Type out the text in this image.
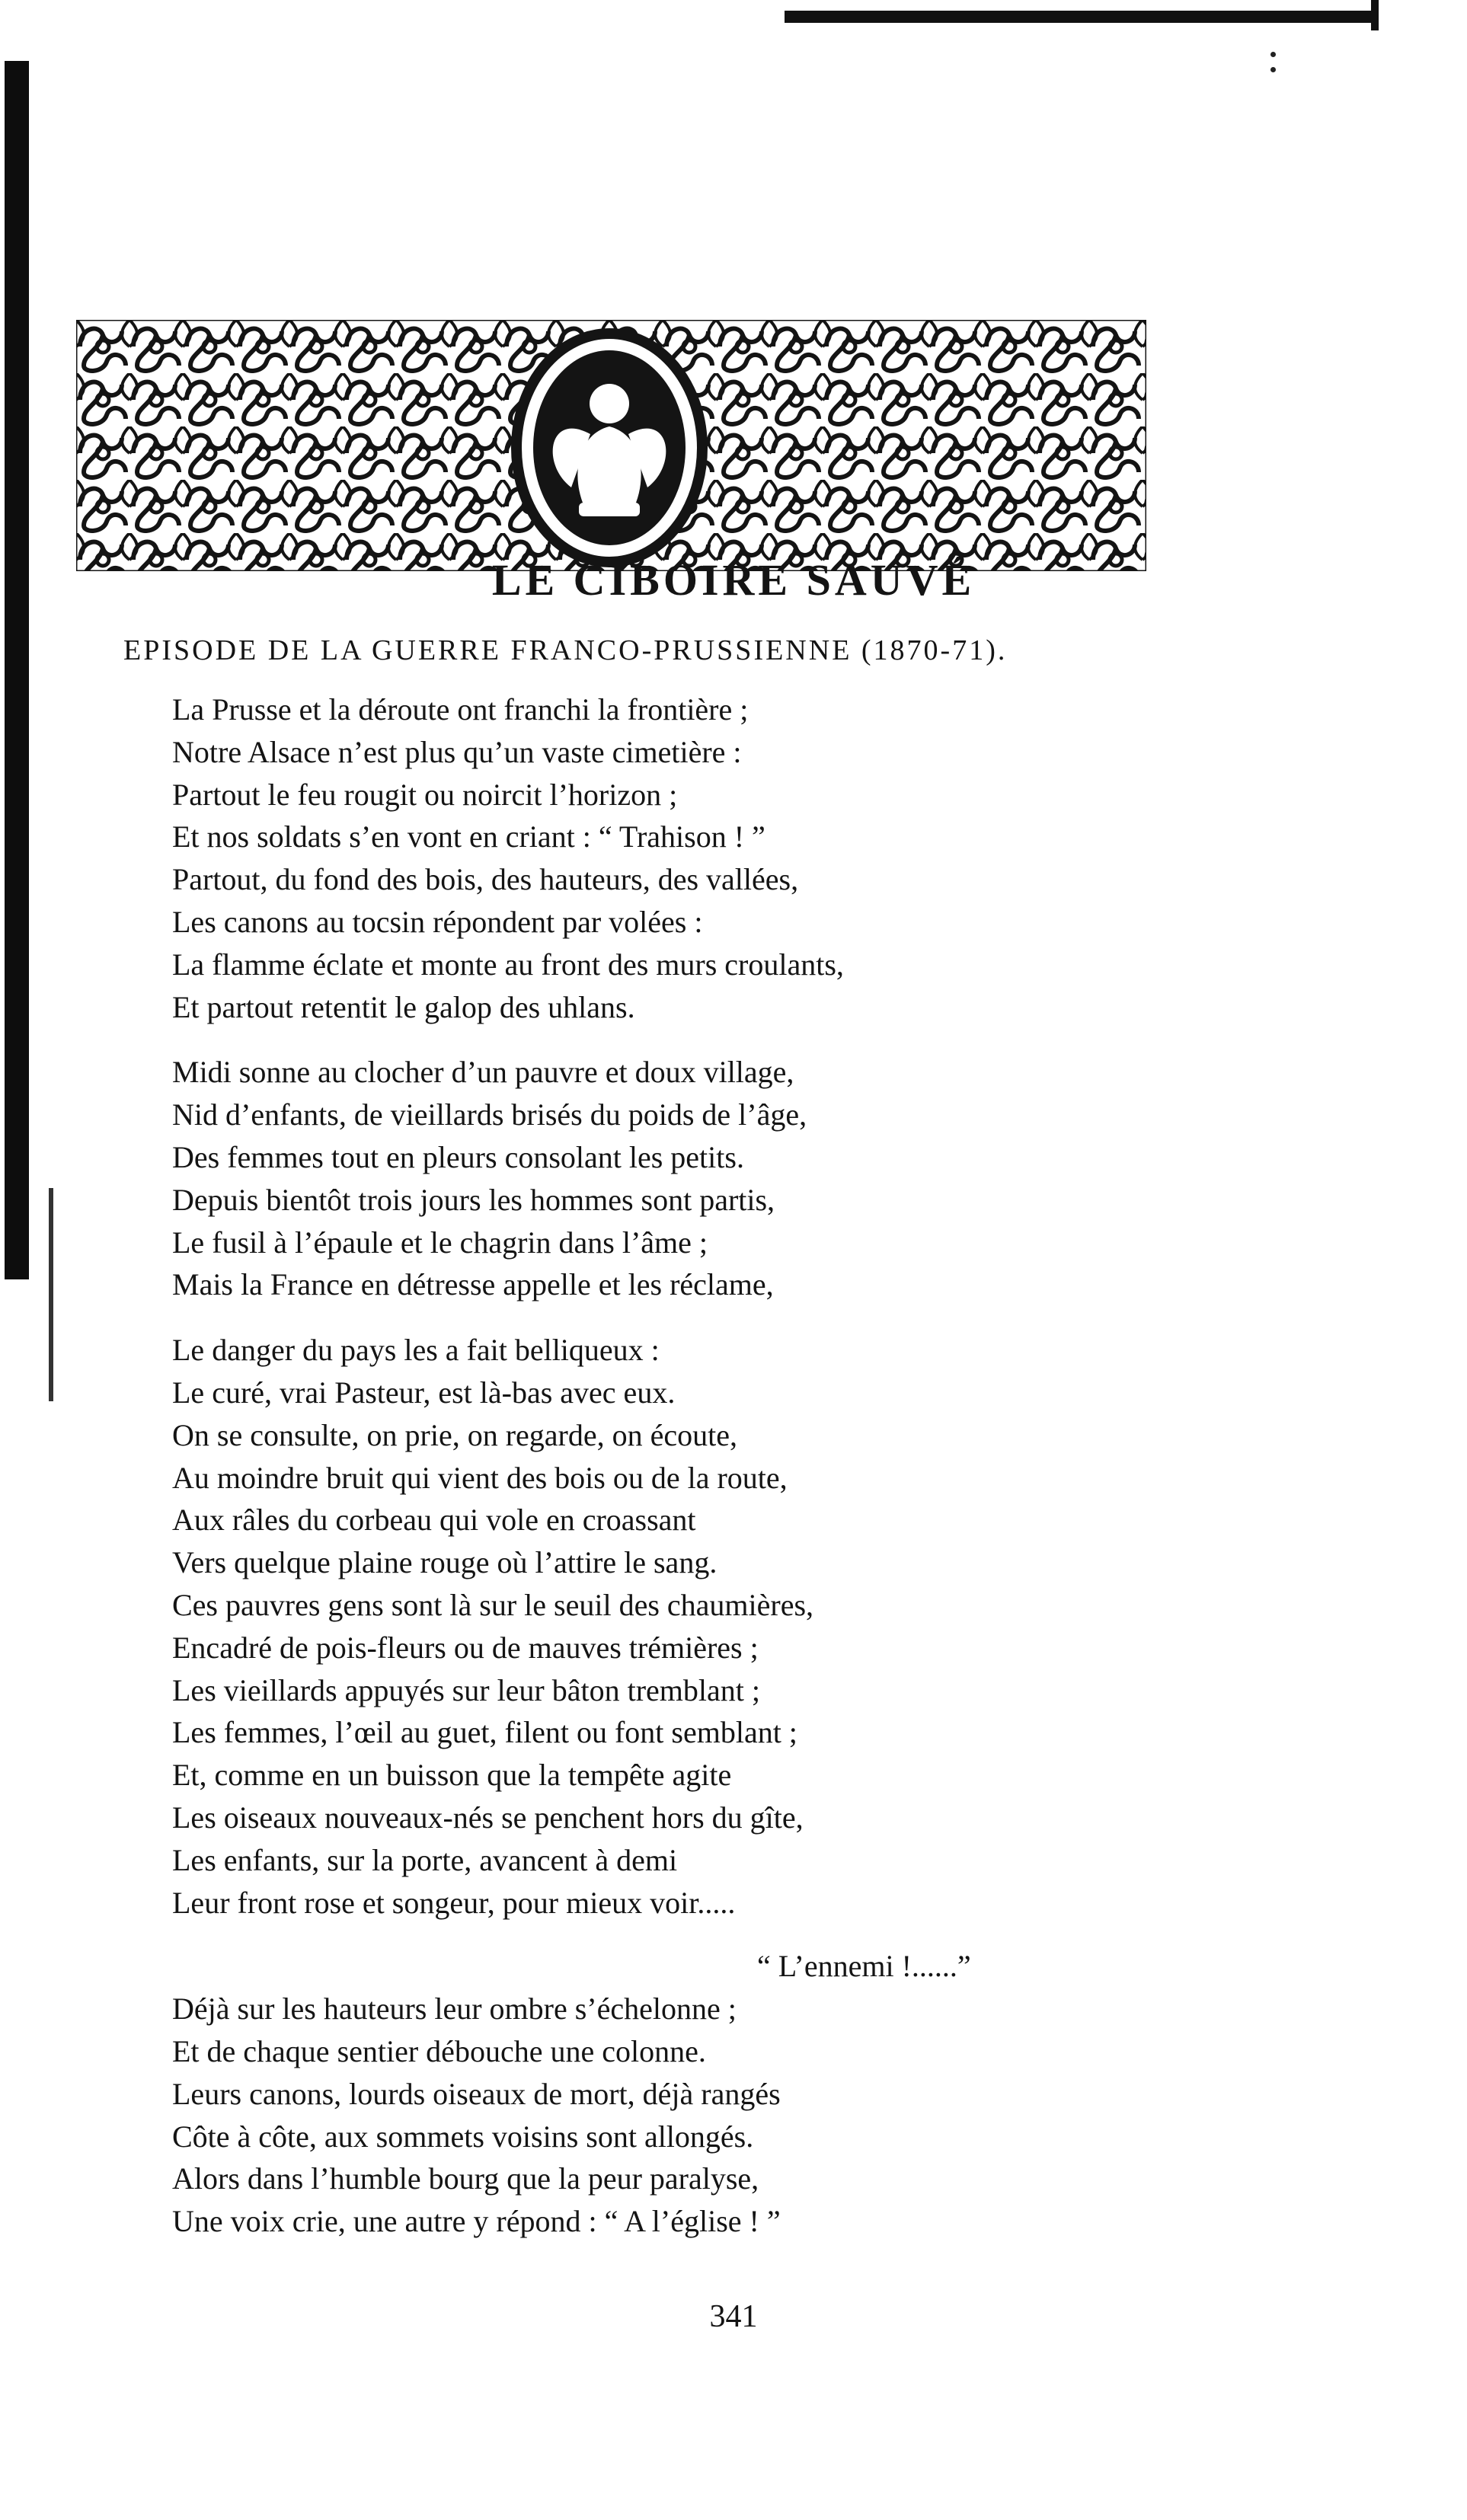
LE CIBOIRE SAUVÉ
EPISODE DE LA GUERRE FRANCO-PRUSSIENNE (1870-71).
La Prusse et la déroute ont franchi la frontière ;
Notre Alsace n’est plus qu’un vaste cimetière :
Partout le feu rougit ou noircit l’horizon ;
Et nos soldats s’en vont en criant : “ Trahison ! ”
Partout, du fond des bois, des hauteurs, des vallées,
Les canons au tocsin répondent par volées :
La flamme éclate et monte au front des murs croulants,
Et partout retentit le galop des uhlans.
Midi sonne au clocher d’un pauvre et doux village,
Nid d’enfants, de vieillards brisés du poids de l’âge,
Des femmes tout en pleurs consolant les petits.
Depuis bientôt trois jours les hommes sont partis,
Le fusil à l’épaule et le chagrin dans l’âme ;
Mais la France en détresse appelle et les réclame,
Le danger du pays les a fait belliqueux :
Le curé, vrai Pasteur, est là-bas avec eux.
On se consulte, on prie, on regarde, on écoute,
Au moindre bruit qui vient des bois ou de la route,
Aux râles du corbeau qui vole en croassant
Vers quelque plaine rouge où l’attire le sang.
Ces pauvres gens sont là sur le seuil des chaumières,
Encadré de pois-fleurs ou de mauves trémières ;
Les vieillards appuyés sur leur bâton tremblant ;
Les femmes, l’œil au guet, filent ou font semblant ;
Et, comme en un buisson que la tempête agite
Les oiseaux nouveaux-nés se penchent hors du gîte,
Les enfants, sur la porte, avancent à demi
Leur front rose et songeur, pour mieux voir.....
“ L’ennemi !......”
Déjà sur les hauteurs leur ombre s’échelonne ;
Et de chaque sentier débouche une colonne.
Leurs canons, lourds oiseaux de mort, déjà rangés
Côte à côte, aux sommets voisins sont allongés.
Alors dans l’humble bourg que la peur paralyse,
Une voix crie, une autre y répond : “ A l’église ! ”
341
